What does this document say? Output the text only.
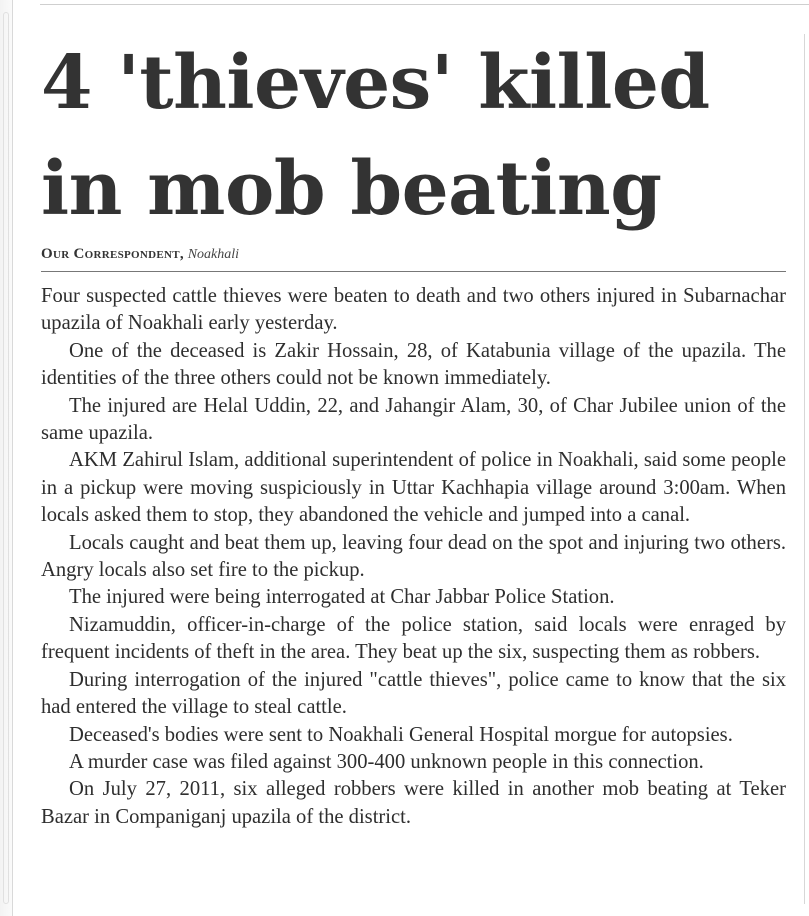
4 'thieves' killed
in mob beating
Our Correspondent, Noakhali

Four suspected cattle thieves were beaten to death and two others injured in Subarnachar upazila of Noakhali early yesterday.

One of the deceased is Zakir Hossain, 28, of Katabunia village of the upazila. The identities of the three others could not be known immediately.

The injured are Helal Uddin, 22, and Jahangir Alam, 30, of Char Jubilee union of the same upazila.

AKM Zahirul Islam, additional superintendent of police in Noakhali, said some people in a pickup were moving suspiciously in Uttar Kachhapia village around 3:00am. When locals asked them to stop, they abandoned the vehicle and jumped into a canal.

Locals caught and beat them up, leaving four dead on the spot and injuring two others. Angry locals also set fire to the pickup.

The injured were being interrogated at Char Jabbar Police Station.

Nizamuddin, officer-in-charge of the police station, said locals were enraged by frequent incidents of theft in the area. They beat up the six, suspecting them as robbers.

During interrogation of the injured "cattle thieves", police came to know that the six had entered the village to steal cattle.

Deceased's bodies were sent to Noakhali General Hospital morgue for autopsies.

A murder case was filed against 300-400 unknown people in this connection.

On July 27, 2011, six alleged robbers were killed in another mob beating at Teker Bazar in Companiganj upazila of the district.
